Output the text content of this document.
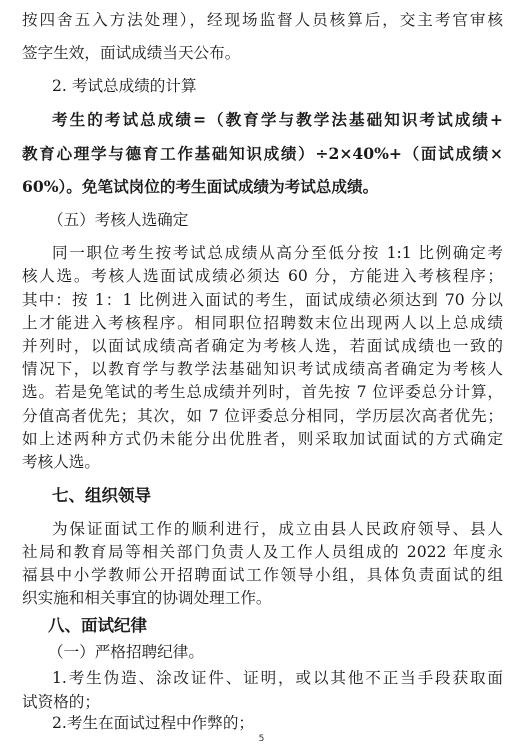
按四舍五入方法处理），经现场监督人员核算后，交主考官审核
签字生效，面试成绩当天公布。
2. 考试总成绩的计算
考生的考试总成绩=（教育学与教学法基础知识考试成绩+
教育心理学与德育工作基础知识成绩）÷2×40%+（面试成绩×
60%）。免笔试岗位的考生面试成绩为考试总成绩。
（五）考核人选确定
同一职位考生按考试总成绩从高分至低分按 1:1 比例确定考
核人选。考核人选面试成绩必须达 60 分，方能进入考核程序；
其中：按 1：1 比例进入面试的考生，面试成绩必须达到 70 分以
上才能进入考核程序。相同职位招聘数末位出现两人以上总成绩
并列时，以面试成绩高者确定为考核人选，若面试成绩也一致的
情况下，以教育学与教学法基础知识考试成绩高者确定为考核人
选。若是免笔试的考生总成绩并列时，首先按 7 位评委总分计算，
分值高者优先；其次，如 7 位评委总分相同，学历层次高者优先；
如上述两种方式仍未能分出优胜者，则采取加试面试的方式确定
考核人选。
七、组织领导
为保证面试工作的顺利进行，成立由县人民政府领导、县人
社局和教育局等相关部门负责人及工作人员组成的 2022 年度永
福县中小学教师公开招聘面试工作领导小组，具体负责面试的组
织实施和相关事宜的协调处理工作。
八、面试纪律
（一）严格招聘纪律。
1.考生伪造、涂改证件、证明，或以其他不正当手段获取面
试资格的；
2.考生在面试过程中作弊的；
5
